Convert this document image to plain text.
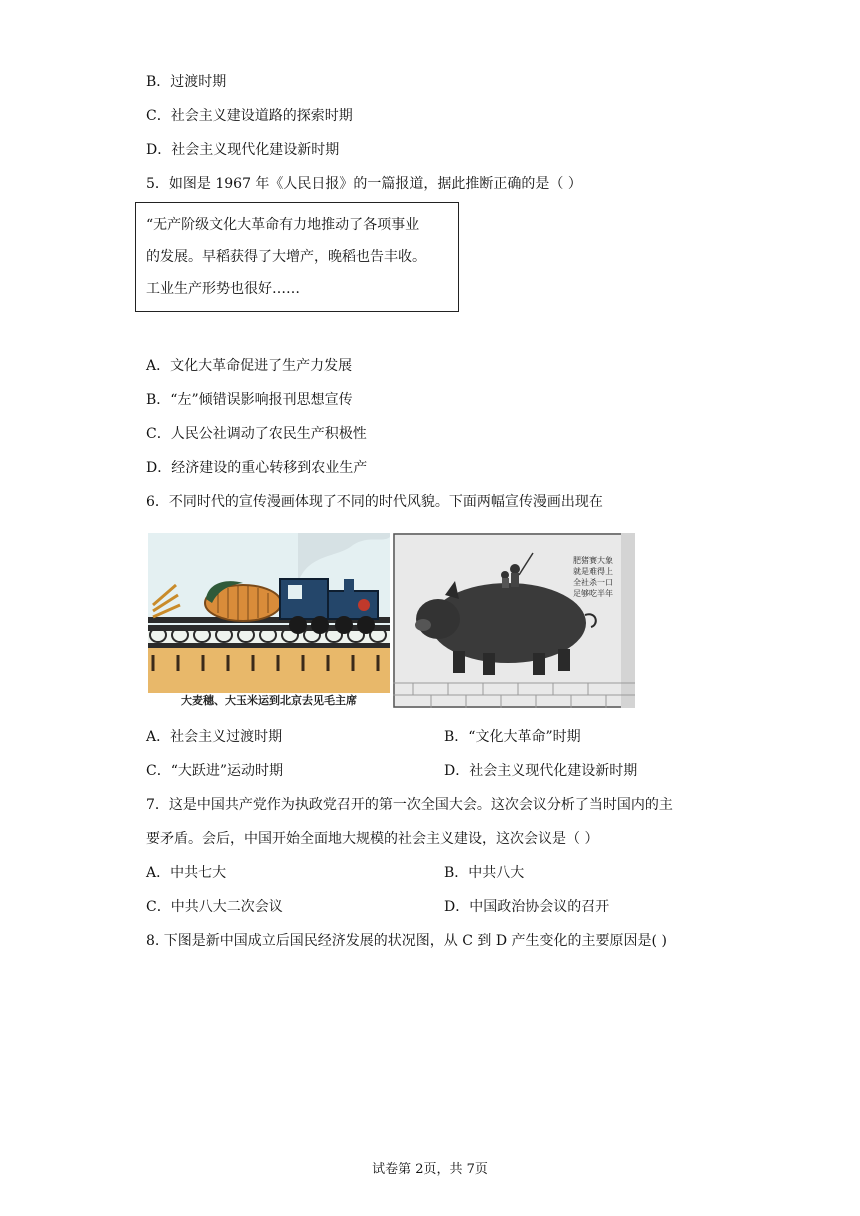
B．过渡时期
C．社会主义建设道路的探索时期
D．社会主义现代化建设新时期
5．如图是 1967 年《人民日报》的一篇报道，据此推断正确的是（ ）
“无产阶级文化大革命有力地推动了各项事业
的发展。早稻获得了大增产，晚稻也告丰收。
工业生产形势也很好……
A．文化大革命促进了生产力发展
B．“左”倾错误影响报刊思想宣传
C．人民公社调动了农民生产积极性
D．经济建设的重心转移到农业生产
6．不同时代的宣传漫画体现了不同的时代风貌。下面两幅宣传漫画出现在
大麦穗、大玉米运到北京去见毛主席
肥猪赛大象
就是难得上
全社杀一口
足够吃半年
A．社会主义过渡时期	B．“文化大革命”时期
C．“大跃进”运动时期	D．社会主义现代化建设新时期
7．这是中国共产党作为执政党召开的第一次全国大会。这次会议分析了当时国内的主
要矛盾。会后，中国开始全面地大规模的社会主义建设，这次会议是（ ）
A．中共七大	B．中共八大
C．中共八大二次会议	D．中国政治协会议的召开
8. 下图是新中国成立后国民经济发展的状况图，从 C 到 D 产生变化的主要原因是( )
试卷第 2页，共 7页
